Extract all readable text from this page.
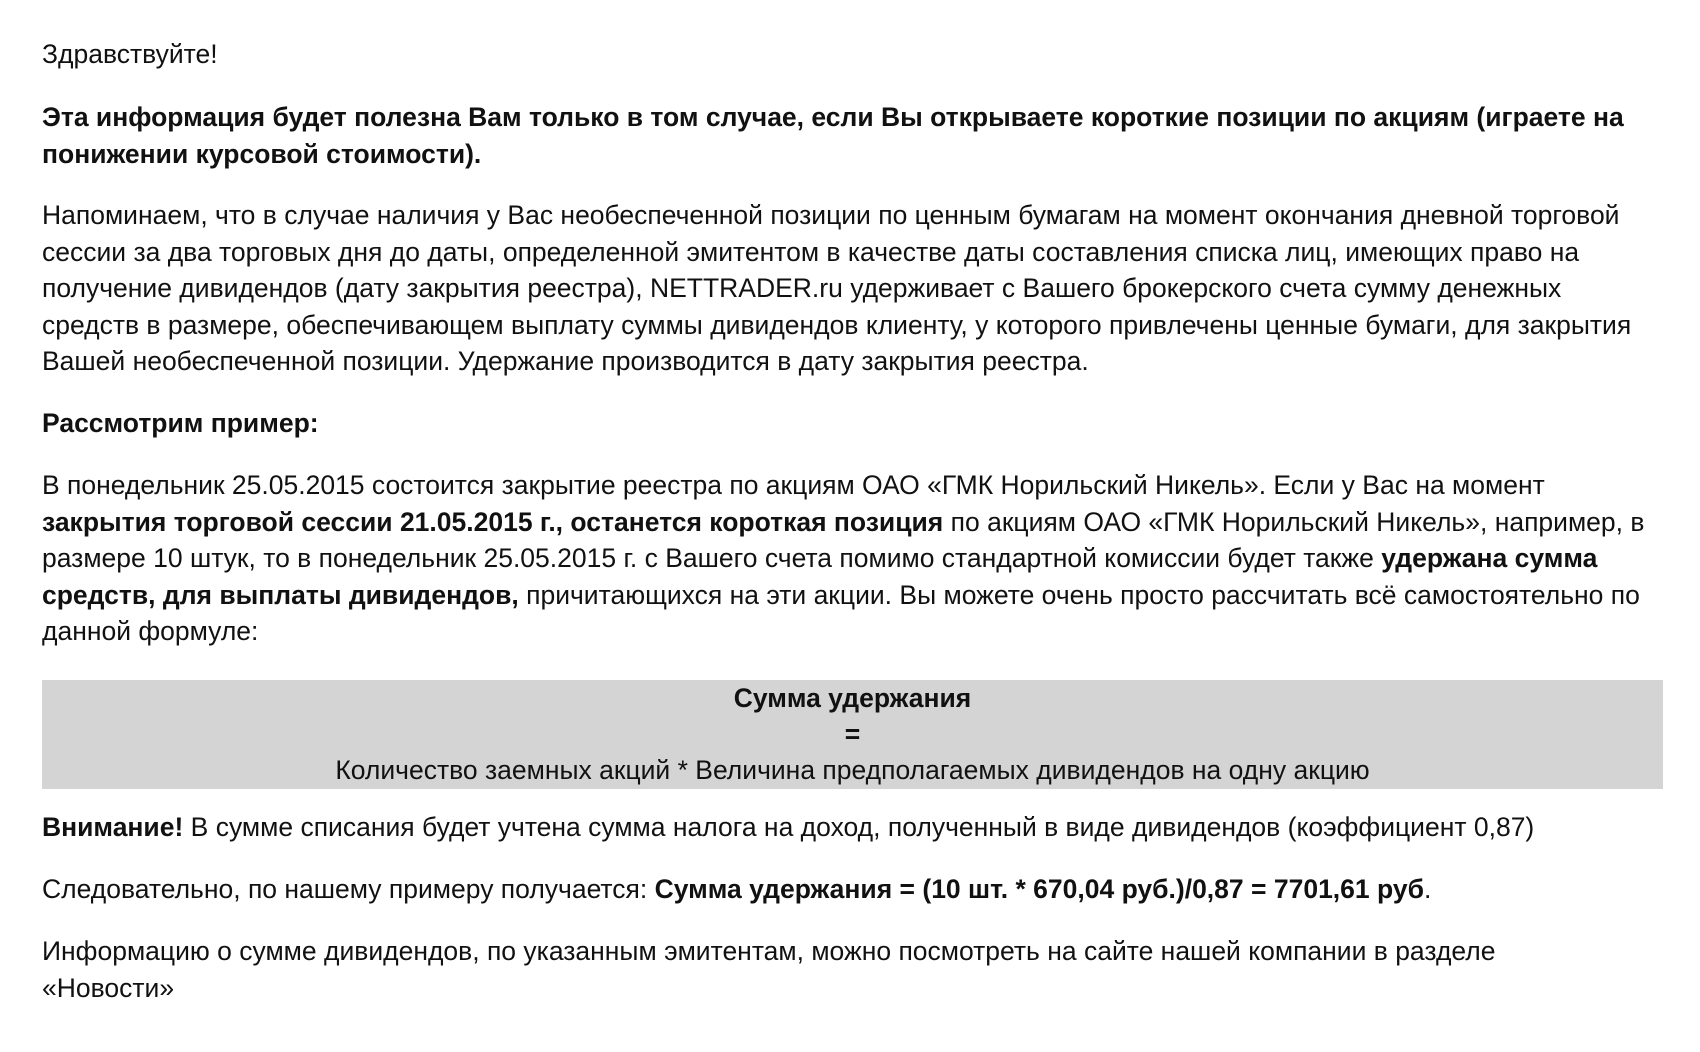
Здравствуйте!

Эта информация будет полезна Вам только в том случае, если Вы открываете короткие позиции по акциям (играете на понижении курсовой стоимости).

Напоминаем, что в случае наличия у Вас необеспеченной позиции по ценным бумагам на момент окончания дневной торговой сессии за два торговых дня до даты, определенной эмитентом в качестве даты составления списка лиц, имеющих право на получение дивидендов (дату закрытия реестра), NETTRADER.ru удерживает с Вашего брокерского счета сумму денежных средств в размере, обеспечивающем выплату суммы дивидендов клиенту, у которого привлечены ценные бумаги, для закрытия Вашей необеспеченной позиции. Удержание производится в дату закрытия реестра.

Рассмотрим пример:

В понедельник 25.05.2015 состоится закрытие реестра по акциям ОАО «ГМК Норильский Никель». Если у Вас на момент закрытия торговой сессии 21.05.2015 г., останется короткая позиция по акциям ОАО «ГМК Норильский Никель», например, в размере 10 штук, то в понедельник 25.05.2015 г. с Вашего счета помимо стандартной комиссии будет также удержана сумма средств, для выплаты дивидендов, причитающихся на эти акции. Вы можете очень просто рассчитать всё самостоятельно по данной формуле:

Сумма удержания
=
Количество заемных акций * Величина предполагаемых дивидендов на одну акцию

Внимание! В сумме списания будет учтена сумма налога на доход, полученный в виде дивидендов (коэффициент 0,87)

Следовательно, по нашему примеру получается: Сумма удержания = (10 шт. * 670,04 руб.)/0,87 = 7701,61 руб.

Информацию о сумме дивидендов, по указанным эмитентам, можно посмотреть на сайте нашей компании в разделе «Новости»
